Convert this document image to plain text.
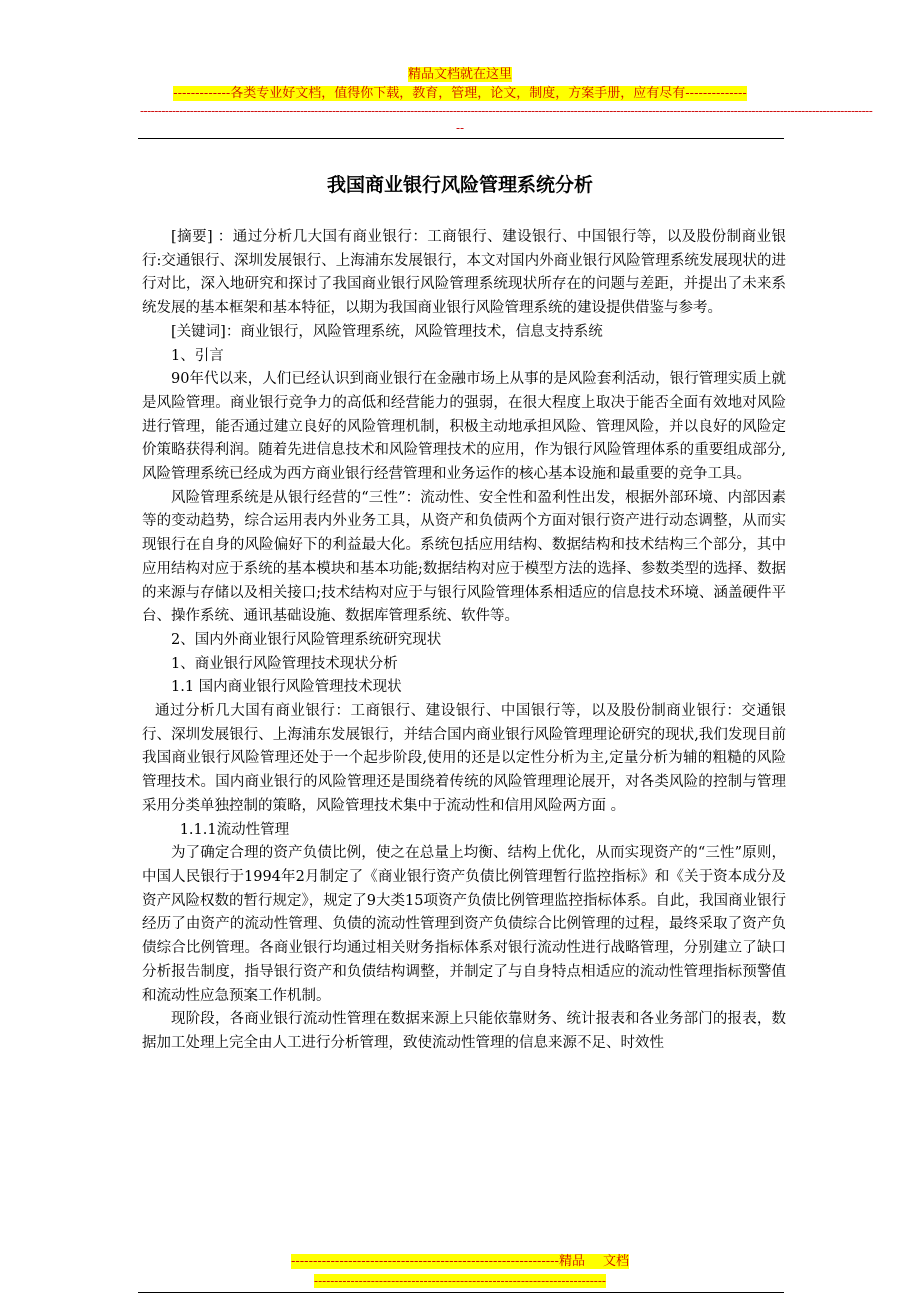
精品文档就在这里
-------------各类专业好文档，值得你下载，教育，管理，论文，制度，方案手册，应有尽有--------------
--------------------------------------------------------------------------------------------------------------------------------------------------------------------------------------------------------------
--
我国商业银行风险管理系统分析

[摘要] ：通过分析几大国有商业银行：工商银行、建设银行、中国银行等，以及股份制商业银行:交通银行、深圳发展银行、上海浦东发展银行，本文对国内外商业银行风险管理系统发展现状的进行对比，深入地研究和探讨了我国商业银行风险管理系统现状所存在的问题与差距，并提出了未来系统发展的基本框架和基本特征，以期为我国商业银行风险管理系统的建设提供借鉴与参考。

[关键词]：商业银行，风险管理系统，风险管理技术，信息支持系统

1、引言

90年代以来，人们已经认识到商业银行在金融市场上从事的是风险套利活动，银行管理实质上就是风险管理。商业银行竞争力的高低和经营能力的强弱，在很大程度上取决于能否全面有效地对风险进行管理，能否通过建立良好的风险管理机制，积极主动地承担风险、管理风险，并以良好的风险定价策略获得利润。随着先进信息技术和风险管理技术的应用，作为银行风险管理体系的重要组成部分,风险管理系统已经成为西方商业银行经营管理和业务运作的核心基本设施和最重要的竞争工具。

风险管理系统是从银行经营的“三性”：流动性、安全性和盈利性出发，根据外部环境、内部因素等的变动趋势，综合运用表内外业务工具，从资产和负债两个方面对银行资产进行动态调整，从而实现银行在自身的风险偏好下的利益最大化。系统包括应用结构、数据结构和技术结构三个部分，其中应用结构对应于系统的基本模块和基本功能;数据结构对应于模型方法的选择、参数类型的选择、数据的来源与存储以及相关接口;技术结构对应于与银行风险管理体系相适应的信息技术环境、涵盖硬件平台、操作系统、通讯基础设施、数据库管理系统、软件等。

2、国内外商业银行风险管理系统研究现状

1、商业银行风险管理技术现状分析

1.1 国内商业银行风险管理技术现状

通过分析几大国有商业银行：工商银行、建设银行、中国银行等，以及股份制商业银行：交通银行、深圳发展银行、上海浦东发展银行，并结合国内商业银行风险管理理论研究的现状,我们发现目前我国商业银行风险管理还处于一个起步阶段,使用的还是以定性分析为主,定量分析为辅的粗糙的风险管理技术。国内商业银行的风险管理还是围绕着传统的风险管理理论展开，对各类风险的控制与管理采用分类单独控制的策略，风险管理技术集中于流动性和信用风险两方面 。

1.1.1流动性管理

为了确定合理的资产负债比例，使之在总量上均衡、结构上优化，从而实现资产的“三性”原则，中国人民银行于1994年2月制定了《商业银行资产负债比例管理暂行监控指标》和《关于资本成分及资产风险权数的暂行规定》，规定了9大类15项资产负债比例管理监控指标体系。自此，我国商业银行经历了由资产的流动性管理、负债的流动性管理到资产负债综合比例管理的过程，最终采取了资产负债综合比例管理。各商业银行均通过相关财务指标体系对银行流动性进行战略管理，分别建立了缺口分析报告制度，指导银行资产和负债结构调整，并制定了与自身特点相适应的流动性管理指标预警值和流动性应急预案工作机制。

现阶段，各商业银行流动性管理在数据来源上只能依靠财务、统计报表和各业务部门的报表，数据加工处理上完全由人工进行分析管理，致使流动性管理的信息来源不足、时效性

-------------------------------------------------------------精品 文档
------------------------------------------------------------------------
